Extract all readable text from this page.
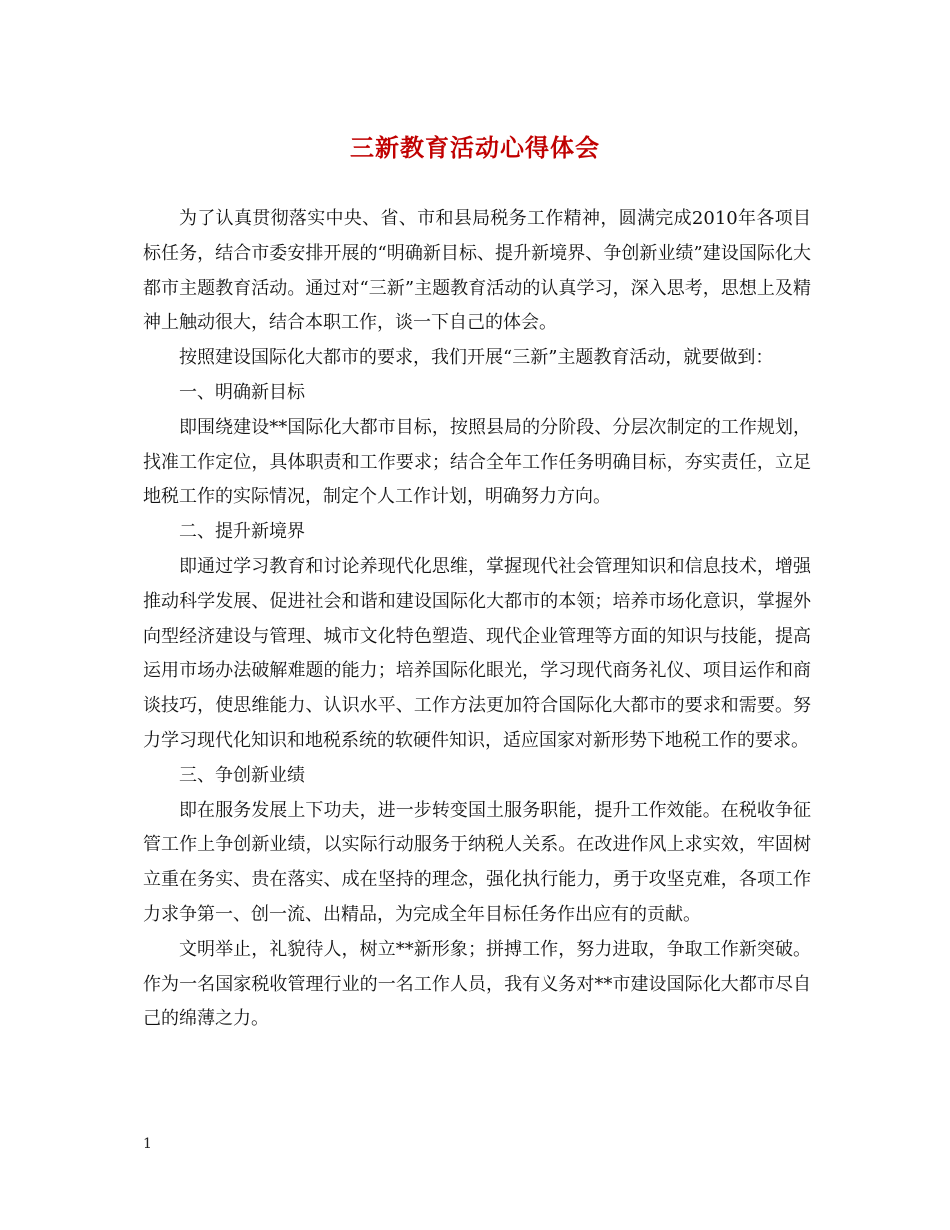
三新教育活动心得体会

为了认真贯彻落实中央、省、市和县局税务工作精神，圆满完成2010年各项目标任务，结合市委安排开展的“明确新目标、提升新境界、争创新业绩”建设国际化大都市主题教育活动。通过对“三新”主题教育活动的认真学习，深入思考，思想上及精神上触动很大，结合本职工作，谈一下自己的体会。

按照建设国际化大都市的要求，我们开展“三新”主题教育活动，就要做到：

一、明确新目标

即围绕建设**国际化大都市目标，按照县局的分阶段、分层次制定的工作规划，找准工作定位，具体职责和工作要求；结合全年工作任务明确目标，夯实责任，立足地税工作的实际情况，制定个人工作计划，明确努力方向。

二、提升新境界

即通过学习教育和讨论养现代化思维，掌握现代社会管理知识和信息技术，增强推动科学发展、促进社会和谐和建设国际化大都市的本领；培养市场化意识，掌握外向型经济建设与管理、城市文化特色塑造、现代企业管理等方面的知识与技能，提高运用市场办法破解难题的能力；培养国际化眼光，学习现代商务礼仪、项目运作和商谈技巧，使思维能力、认识水平、工作方法更加符合国际化大都市的要求和需要。努力学习现代化知识和地税系统的软硬件知识，适应国家对新形势下地税工作的要求。

三、争创新业绩

即在服务发展上下功夫，进一步转变国土服务职能，提升工作效能。在税收争征管工作上争创新业绩，以实际行动服务于纳税人关系。在改进作风上求实效，牢固树立重在务实、贵在落实、成在坚持的理念，强化执行能力，勇于攻坚克难，各项工作力求争第一、创一流、出精品，为完成全年目标任务作出应有的贡献。

文明举止，礼貌待人，树立**新形象；拼搏工作，努力进取，争取工作新突破。作为一名国家税收管理行业的一名工作人员，我有义务对**市建设国际化大都市尽自己的绵薄之力。

1
